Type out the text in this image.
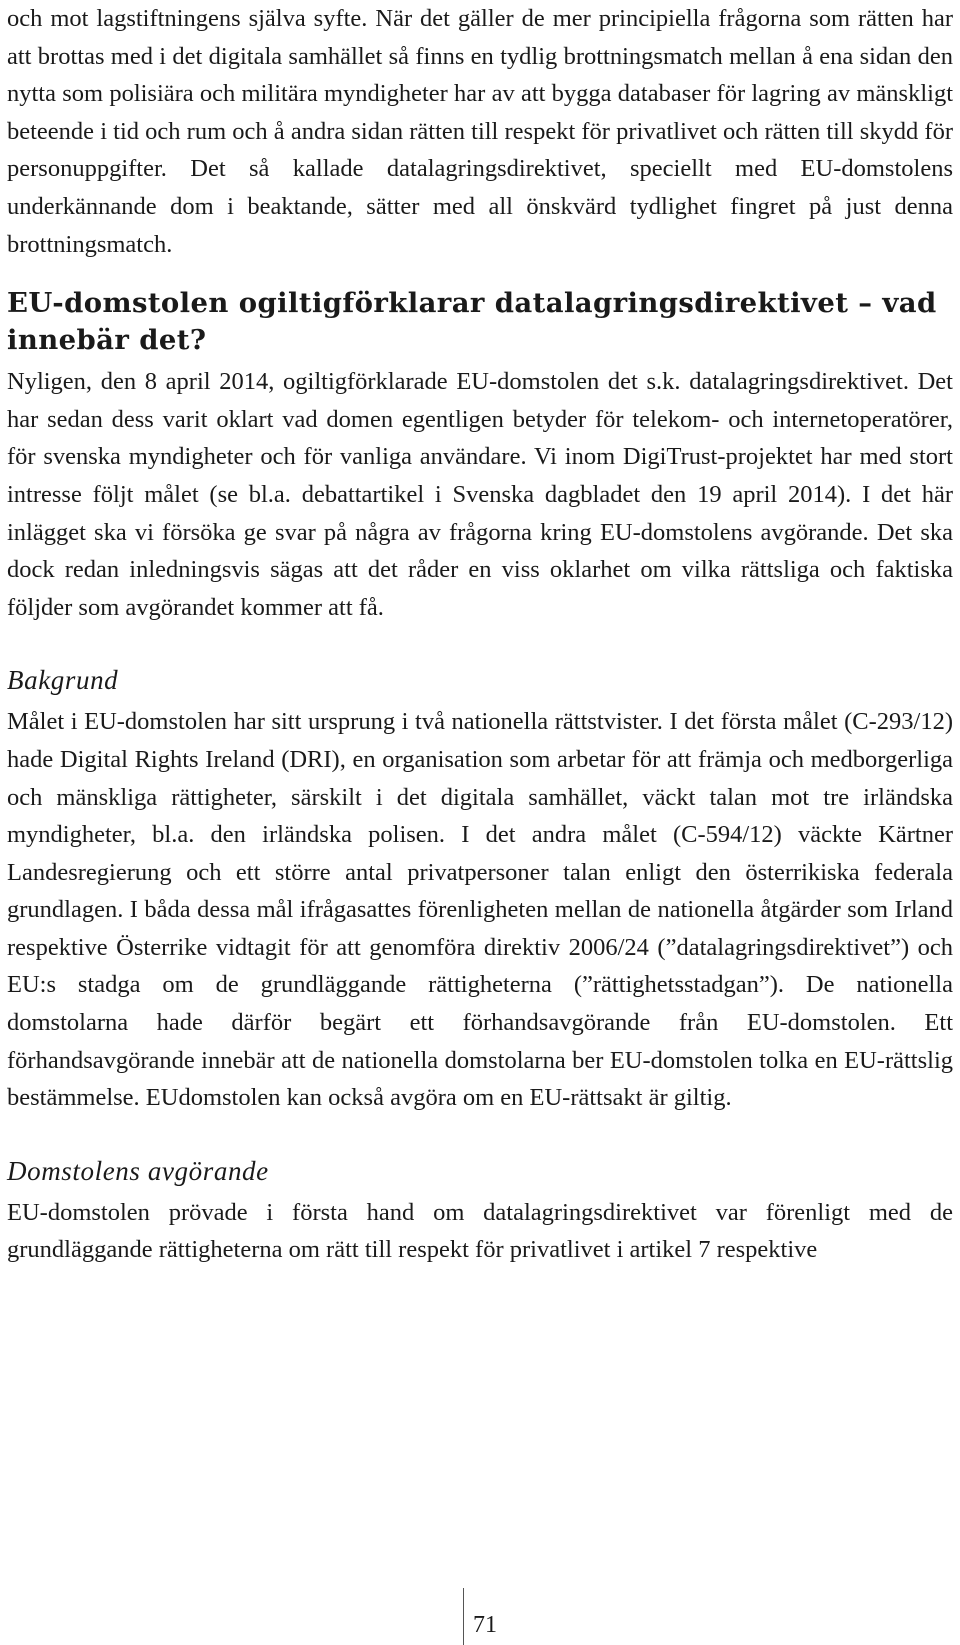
och mot lagstiftningens själva syfte. När det gäller de mer principiella frågorna som rätten har att brottas med i det digitala samhället så finns en tydlig brottningsmatch mellan å ena sidan den nytta som polisiära och militära myndigheter har av att bygga databaser för lagring av mänskligt beteende i tid och rum och å andra sidan rätten till respekt för privatlivet och rätten till skydd för personuppgifter. Det så kallade datalagringsdirektivet, speciellt med EU-domstolens underkännande dom i beaktande, sätter med all önskvärd tydlighet fingret på just denna brottningsmatch.

EU-domstolen ogiltigförklarar datalagringsdirektivet – vad innebär det?

Nyligen, den 8 april 2014, ogiltigförklarade EU-domstolen det s.k. datalagringsdirektivet. Det har sedan dess varit oklart vad domen egentligen betyder för telekom- och internetoperatörer, för svenska myndigheter och för vanliga användare. Vi inom DigiTrust-projektet har med stort intresse följt målet (se bl.a. debattartikel i Svenska dagbladet den 19 april 2014). I det här inlägget ska vi försöka ge svar på några av frågorna kring EU-domstolens avgörande. Det ska dock redan inledningsvis sägas att det råder en viss oklarhet om vilka rättsliga och faktiska följder som avgörandet kommer att få.

Bakgrund

Målet i EU-domstolen har sitt ursprung i två nationella rättstvister. I det första målet (C-293/12) hade Digital Rights Ireland (DRI), en organisation som arbetar för att främja och medborgerliga och mänskliga rättigheter, särskilt i det digitala samhället, väckt talan mot tre irländska myndigheter, bl.a. den irländska polisen. I det andra målet (C-594/12) väckte Kärtner Landesregierung och ett större antal privatpersoner talan enligt den österrikiska federala grundlagen. I båda dessa mål ifrågasattes förenligheten mellan de nationella åtgärder som Irland respektive Österrike vidtagit för att genomföra direktiv 2006/24 (”datalagringsdirektivet”) och EU:s stadga om de grundläggande rättigheterna (”rättighetsstadgan”). De nationella domstolarna hade därför begärt ett förhandsavgörande från EU-domstolen. Ett förhandsavgörande innebär att de nationella domstolarna ber EU-domstolen tolka en EU-rättslig bestämmelse. EUdomstolen kan också avgöra om en EU-rättsakt är giltig.

Domstolens avgörande

EU-domstolen prövade i första hand om datalagringsdirektivet var förenligt med de grundläggande rättigheterna om rätt till respekt för privatlivet i artikel 7 respektive

71
